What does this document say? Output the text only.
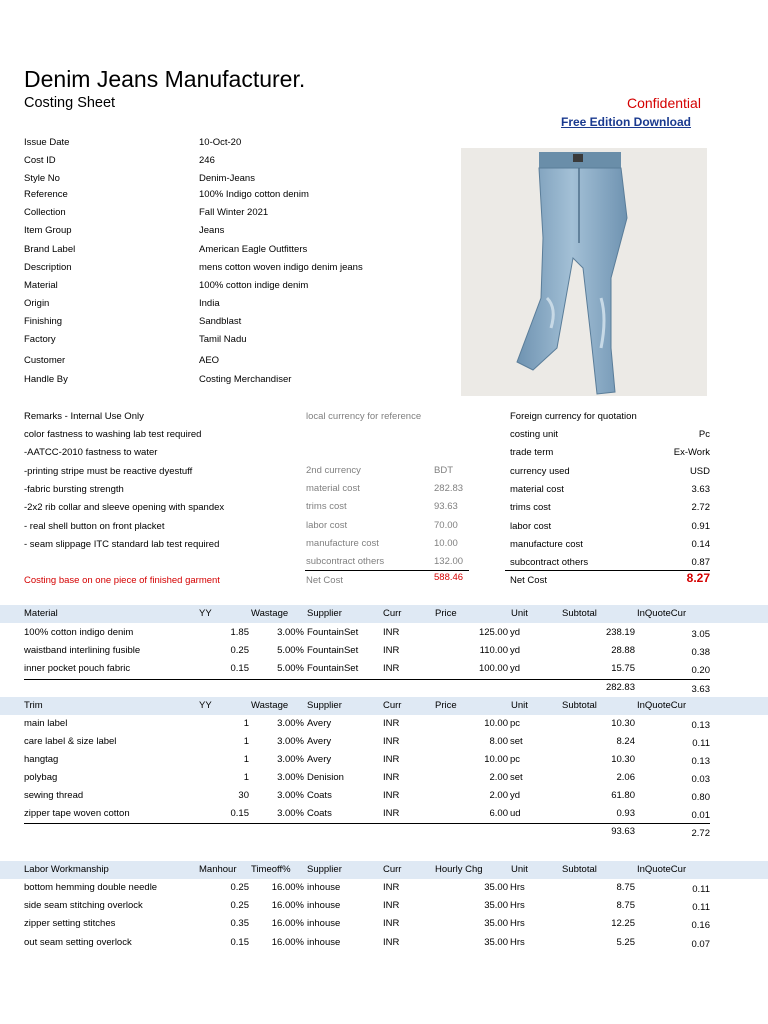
Denim Jeans Manufacturer.
Costing Sheet	Confidential
Free Edition Download
Issue Date	10-Oct-20
Cost ID	246
Style No	Denim-Jeans
Reference	100% Indigo cotton denim
Collection	Fall Winter 2021
Item Group	Jeans
Brand Label	American Eagle Outfitters
Description	mens cotton woven indigo denim jeans
Material	100% cotton indige denim
Origin	India
Finishing	Sandblast
Factory	Tamil Nadu
Customer	AEO
Handle By	Costing Merchandiser
Remarks - Internal Use Only
color fastness to washing lab test required
-AATCC-2010 fastness to water
-printing stripe must be reactive dyestuff
-fabric bursting strength
-2x2 rib collar and sleeve opening with spandex
- real shell button on front placket
- seam slippage ITC standard lab test required
Costing base on one piece of finished garment
local currency for reference
2nd currency	BDT
material cost	282.83
trims cost	93.63
labor cost	70.00
manufacture cost	10.00
subcontract others	132.00
Net Cost	588.46
Foreign currency for quotation
costing unit	Pc
trade term	Ex-Work
currency used	USD
material cost	3.63
trims cost	2.72
labor cost	0.91
manufacture cost	0.14
subcontract others	0.87
Net Cost	8.27
Material	YY	Wastage Supplier	Curr	Price	Unit	Subtotal	InQuoteCur
100% cotton indigo denim	1.85	3.00% FountainSet	INR	125.00 yd	238.19	3.05
waistband interlining fusible	0.25	5.00% FountainSet	INR	110.00 yd	28.88	0.38
inner pocket pouch fabric	0.15	5.00% FountainSet	INR	100.00 yd	15.75	0.20
282.83	3.63
Trim	YY	Wastage Supplier	Curr	Price	Unit	Subtotal	InQuoteCur
main label	1	3.00% Avery	INR	10.00 pc	10.30	0.13
care label & size label	1	3.00% Avery	INR	8.00 set	8.24	0.11
hangtag	1	3.00% Avery	INR	10.00 pc	10.30	0.13
polybag	1	3.00% Denision	INR	2.00 set	2.06	0.03
sewing thread	30	3.00% Coats	INR	2.00 yd	61.80	0.80
zipper tape woven cotton	0.15	3.00% Coats	INR	6.00 ud	0.93	0.01
93.63	2.72
Labor Workmanship	Manhour Timeoff% Supplier	Curr	Hourly Chg	Unit	Subtotal	InQuoteCur
bottom hemming double needle	0.25	16.00% inhouse	INR	35.00 Hrs	8.75	0.11
side seam stitching overlock	0.25	16.00% inhouse	INR	35.00 Hrs	8.75	0.11
zipper setting stitches	0.35	16.00% inhouse	INR	35.00 Hrs	12.25	0.16
out seam setting overlock	0.15	16.00% inhouse	INR	35.00 Hrs	5.25	0.07
